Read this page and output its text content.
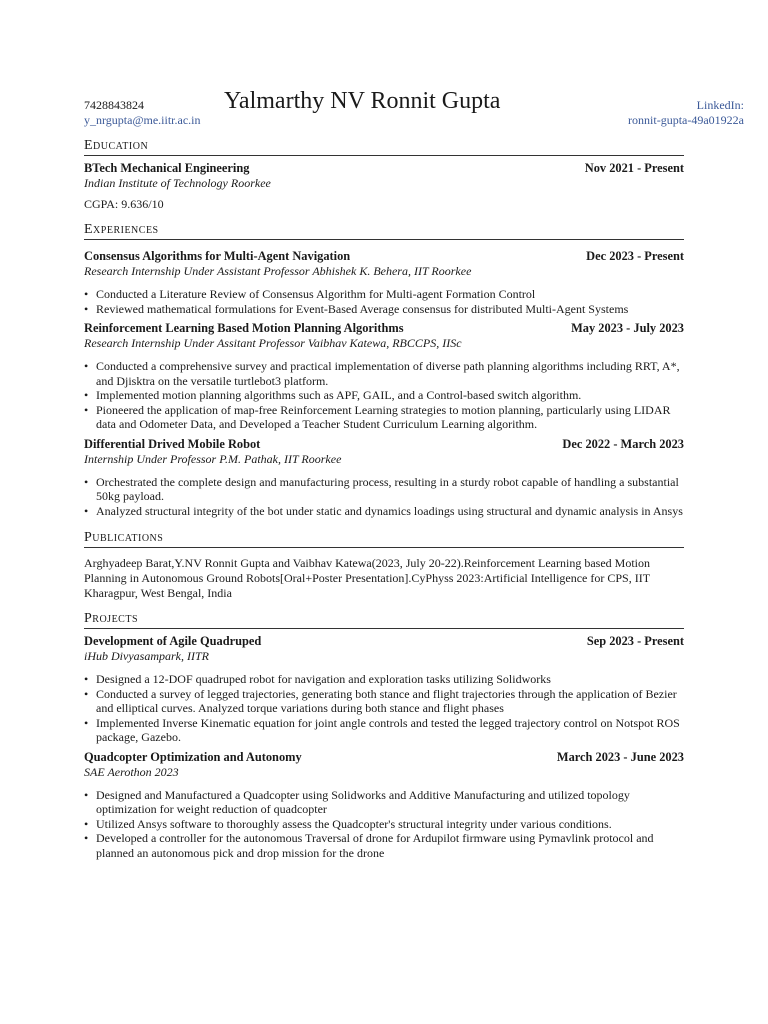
7428843824
y_nrgupta@me.iitr.ac.in
Yalmarthy NV Ronnit Gupta	LinkedIn:
ronnit-gupta-49a01922a
Education
BTech Mechanical Engineering	Nov 2021 - Present
Indian Institute of Technology Roorkee
CGPA: 9.636/10
Experiences
Consensus Algorithms for Multi-Agent Navigation	Dec 2023 - Present
Research Internship Under Assistant Professor Abhishek K. Behera, IIT Roorkee
• Conducted a Literature Review of Consensus Algorithm for Multi-agent Formation Control
• Reviewed mathematical formulations for Event-Based Average consensus for distributed Multi-Agent Systems
Reinforcement Learning Based Motion Planning Algorithms	May 2023 - July 2023
Research Internship Under Assitant Professor Vaibhav Katewa, RBCCPS, IISc
• Conducted a comprehensive survey and practical implementation of diverse path planning algorithms including RRT, A*, and Djisktra on the versatile turtlebot3 platform.
• Implemented motion planning algorithms such as APF, GAIL, and a Control-based switch algorithm.
• Pioneered the application of map-free Reinforcement Learning strategies to motion planning, particularly using LIDAR data and Odometer Data, and Developed a Teacher Student Curriculum Learning algorithm.
Differential Drived Mobile Robot	Dec 2022 - March 2023
Internship Under Professor P.M. Pathak, IIT Roorkee
• Orchestrated the complete design and manufacturing process, resulting in a sturdy robot capable of handling a substantial 50kg payload.
• Analyzed structural integrity of the bot under static and dynamics loadings using structural and dynamic analysis in Ansys
Publications
Arghyadeep Barat,Y.NV Ronnit Gupta and Vaibhav Katewa(2023, July 20-22).Reinforcement Learning based Motion Planning in Autonomous Ground Robots[Oral+Poster Presentation].CyPhyss 2023:Artificial Intelligence for CPS, IIT Kharagpur, West Bengal, India
Projects
Development of Agile Quadruped	Sep 2023 - Present
iHub Divyasampark, IITR
• Designed a 12-DOF quadruped robot for navigation and exploration tasks utilizing Solidworks
• Conducted a survey of legged trajectories, generating both stance and flight trajectories through the application of Bezier and elliptical curves. Analyzed torque variations during both stance and flight phases
• Implemented Inverse Kinematic equation for joint angle controls and tested the legged trajectory control on Notspot ROS package, Gazebo.
Quadcopter Optimization and Autonomy	March 2023 - June 2023
SAE Aerothon 2023
• Designed and Manufactured a Quadcopter using Solidworks and Additive Manufacturing and utilized topology optimization for weight reduction of quadcopter
• Utilized Ansys software to thoroughly assess the Quadcopter's structural integrity under various conditions.
• Developed a controller for the autonomous Traversal of drone for Ardupilot firmware using Pymavlink protocol and planned an autonomous pick and drop mission for the drone
